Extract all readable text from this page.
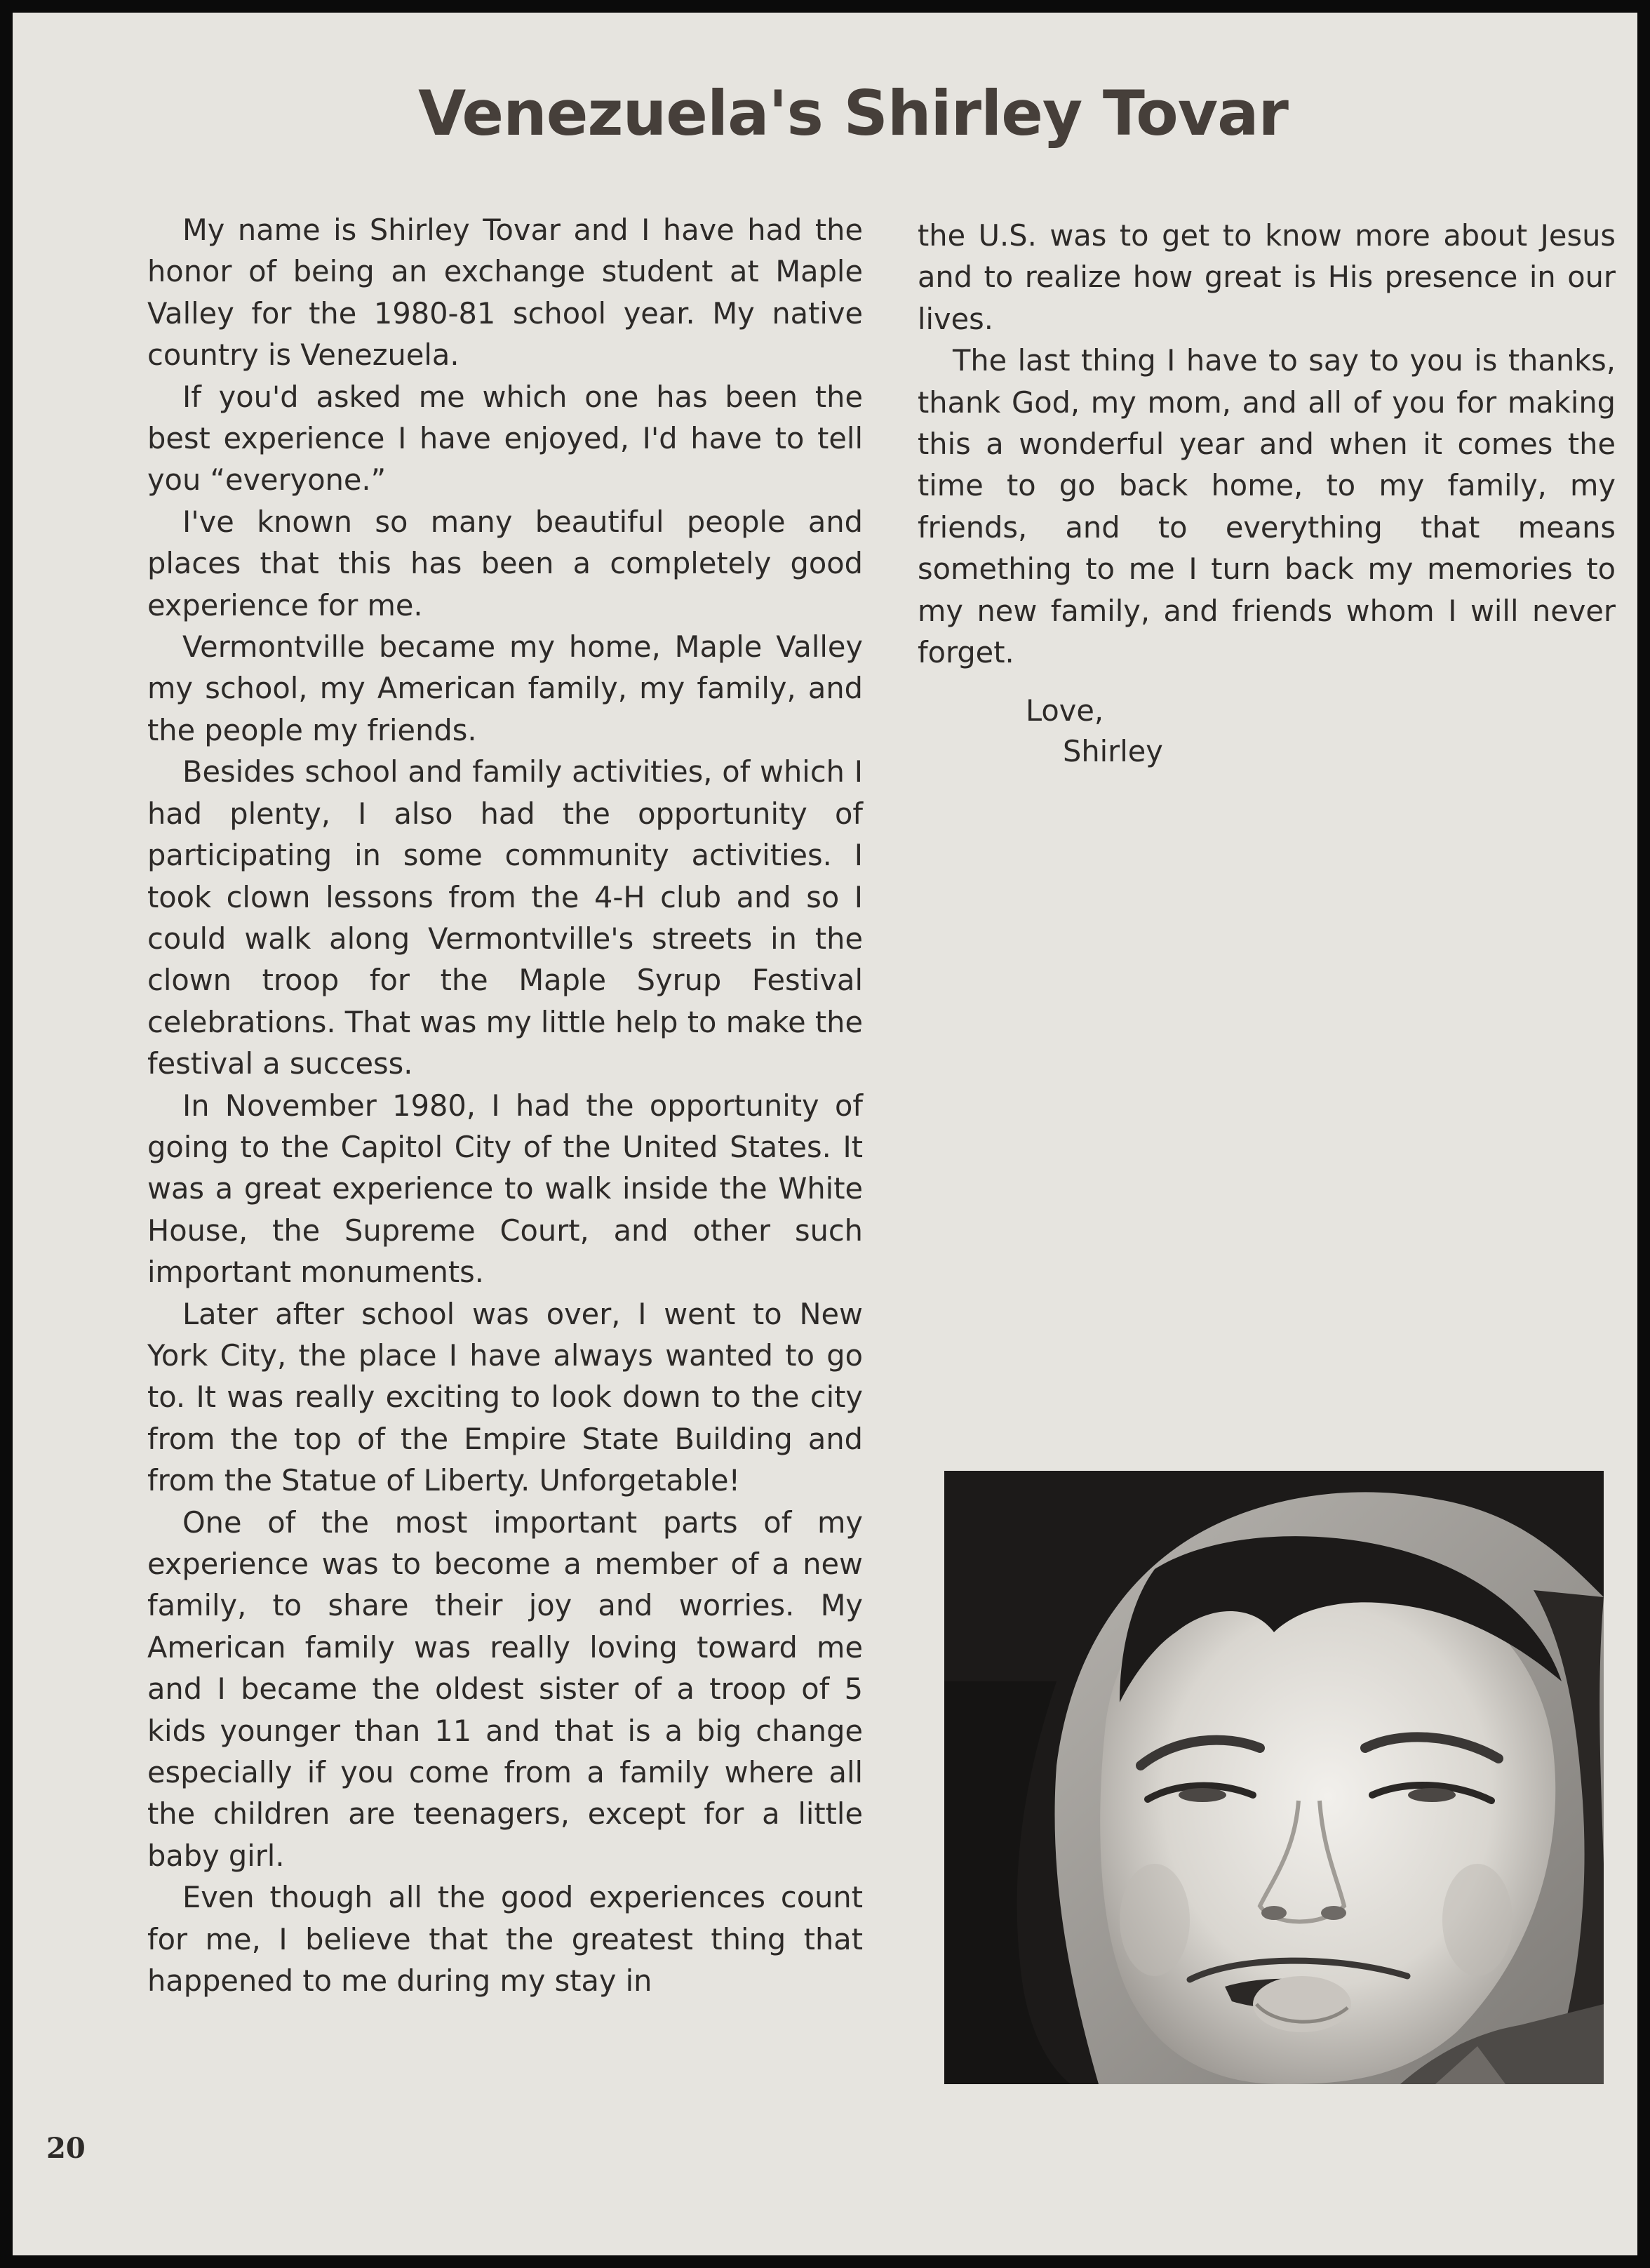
Venezuela's Shirley Tovar

My name is Shirley Tovar and I have had the honor of being an exchange student at Maple Valley for the 1980-81 school year. My native country is Venezuela.

If you'd asked me which one has been the best experience I have enjoyed, I'd have to tell you “everyone.”

I've known so many beautiful people and places that this has been a completely good experience for me.

Vermontville became my home, Maple Valley my school, my American family, my family, and the people my friends.

Besides school and family activities, of which I had plenty, I also had the opportunity of participating in some community activities. I took clown lessons from the 4-H club and so I could walk along Vermontville's streets in the clown troop for the Maple Syrup Festival celebrations. That was my little help to make the festival a success.

In November 1980, I had the opportunity of going to the Capitol City of the United States. It was a great experience to walk inside the White House, the Supreme Court, and other such important monuments.

Later after school was over, I went to New York City, the place I have always wanted to go to. It was really exciting to look down to the city from the top of the Empire State Building and from the Statue of Liberty. Unforgetable!

One of the most important parts of my experience was to become a member of a new family, to share their joy and worries. My American family was really loving toward me and I became the oldest sister of a troop of 5 kids younger than 11 and that is a big change especially if you come from a family where all the children are teenagers, except for a little baby girl.

Even though all the good experiences count for me, I believe that the greatest thing that happened to me during my stay in

the U.S. was to get to know more about Jesus and to realize how great is His presence in our lives.

The last thing I have to say to you is thanks, thank God, my mom, and all of you for making this a wonderful year and when it comes the time to go back home, to my family, my friends, and to everything that means something to me I turn back my memories to my new family, and friends whom I will never forget.

Love,

Shirley

20
